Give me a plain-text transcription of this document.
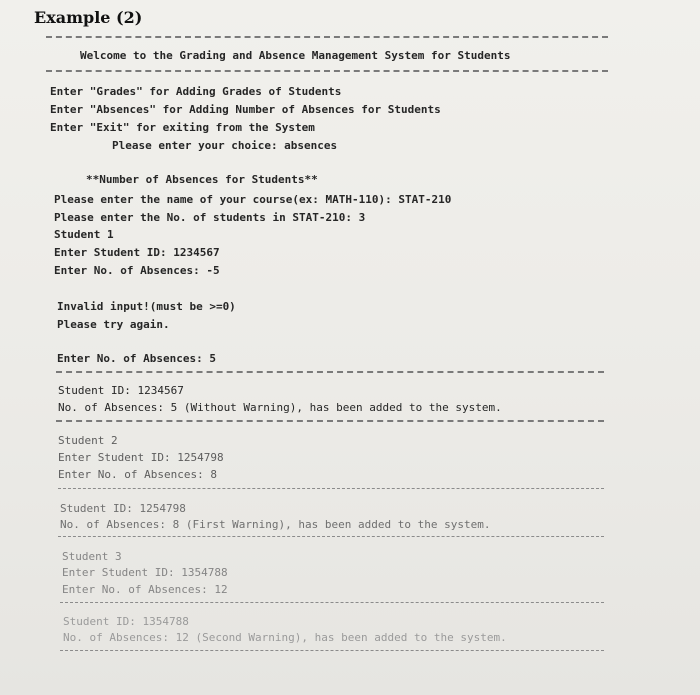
Example (2)
Welcome to the Grading and Absence Management System for Students
Enter "Grades" for Adding Grades of Students
Enter "Absences" for Adding Number of Absences for Students
Enter "Exit" for exiting from the System
Please enter your choice: absences
**Number of Absences for Students**
Please enter the name of your course(ex: MATH-110): STAT-210
Please enter the No. of students in STAT-210: 3
Student 1
Enter Student ID: 1234567
Enter No. of Absences: -5
Invalid input!(must be >=0)
Please try again.
Enter No. of Absences: 5
Student ID: 1234567
No. of Absences: 5 (Without Warning), has been added to the system.
Student 2
Enter Student ID: 1254798
Enter No. of Absences: 8
Student ID: 1254798
No. of Absences: 8 (First Warning), has been added to the system.
Student 3
Enter Student ID: 1354788
Enter No. of Absences: 12
Student ID: 1354788
No. of Absences: 12 (Second Warning), has been added to the system.
